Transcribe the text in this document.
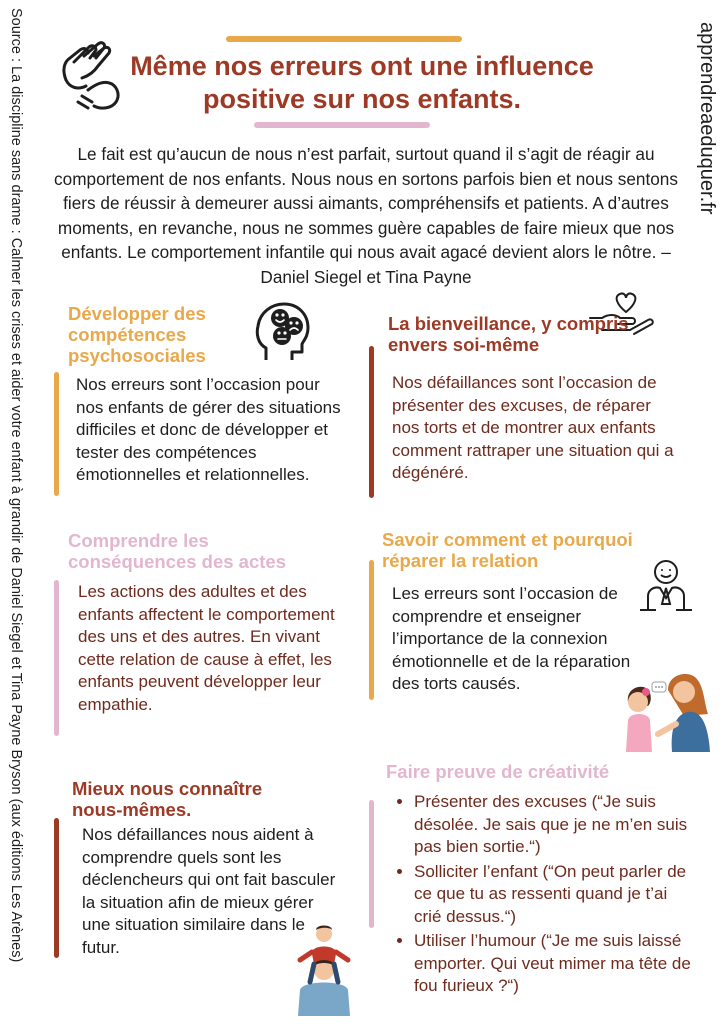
Source : La discipline sans drame : Calmer les crises et aider votre enfant à grandir de Daniel Siegel et Tina Payne Bryson (aux éditions Les Arènes)	apprendreaeduquer.fr
Même nos erreurs ont une influence positive sur nos enfants.
Le fait est qu’aucun de nous n’est parfait, surtout quand il s’agit de réagir au comportement de nos enfants. Nous nous en sortons parfois bien et nous sentons fiers de réussir à demeurer aussi aimants, compréhensifs et patients. A d’autres moments, en revanche, nous ne sommes guère capables de faire mieux que nos enfants. Le comportement infantile qui nous avait agacé devient alors le nôtre. – Daniel Siegel et Tina Payne
Développer des compétences psychosociales
Nos erreurs sont l’occasion pour nos enfants de gérer des situations difficiles et donc de développer et tester des compétences émotionnelles et relationnelles.
La bienveillance, y compris envers soi-même
Nos défaillances sont l’occasion de présenter des excuses, de réparer nos torts et de montrer aux enfants comment rattraper une situation qui a dégénéré.
Comprendre les conséquences des actes
Les actions des adultes et des enfants affectent le comportement des uns et des autres. En vivant cette relation de cause à effet, les enfants peuvent développer leur empathie.
Savoir comment et pourquoi réparer la relation
Les erreurs sont l’occasion de comprendre et enseigner l’importance de la connexion émotionnelle et de la réparation des torts causés.
Mieux nous connaître nous-mêmes.
Nos défaillances nous aident à comprendre quels sont les déclencheurs qui ont fait basculer la situation afin de mieux gérer une situation similaire dans le futur.
Faire preuve de créativité
• Présenter des excuses (“Je suis désolée. Je sais que je ne m’en suis pas bien sortie.“)
• Solliciter l’enfant (“On peut parler de ce que tu as ressenti quand je t’ai crié dessus.“)
• Utiliser l’humour (“Je me suis laissé emporter. Qui veut mimer ma tête de fou furieux ?“)
